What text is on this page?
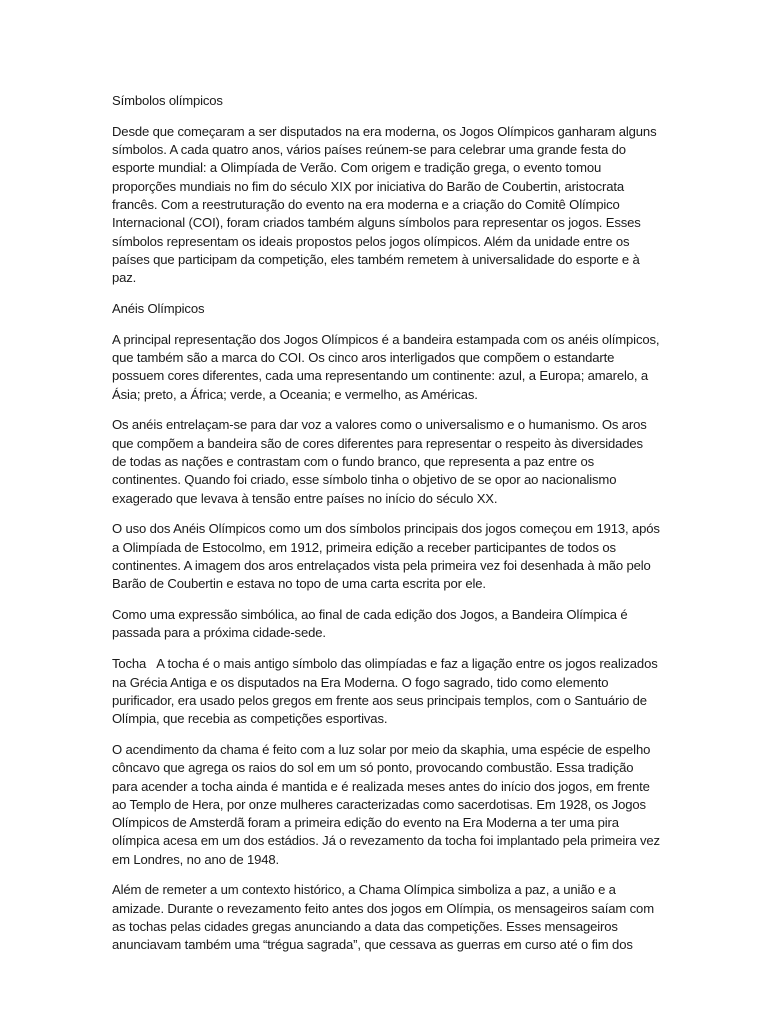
Símbolos olímpicos

Desde que começaram a ser disputados na era moderna, os Jogos Olímpicos ganharam alguns símbolos. A cada quatro anos, vários países reúnem-se para celebrar uma grande festa do esporte mundial: a Olimpíada de Verão. Com origem e tradição grega, o evento tomou proporções mundiais no fim do século XIX por iniciativa do Barão de Coubertin, aristocrata francês. Com a reestruturação do evento na era moderna e a criação do Comitê Olímpico Internacional (COI), foram criados também alguns símbolos para representar os jogos. Esses símbolos representam os ideais propostos pelos jogos olímpicos. Além da unidade entre os países que participam da competição, eles também remetem à universalidade do esporte e à paz.

Anéis Olímpicos

A principal representação dos Jogos Olímpicos é a bandeira estampada com os anéis olímpicos, que também são a marca do COI. Os cinco aros interligados que compõem o estandarte possuem cores diferentes, cada uma representando um continente: azul, a Europa; amarelo, a Ásia; preto, a África; verde, a Oceania; e vermelho, as Américas.

Os anéis entrelaçam-se para dar voz a valores como o universalismo e o humanismo. Os aros que compõem a bandeira são de cores diferentes para representar o respeito às diversidades de todas as nações e contrastam com o fundo branco, que representa a paz entre os continentes. Quando foi criado, esse símbolo tinha o objetivo de se opor ao nacionalismo exagerado que levava à tensão entre países no início do século XX.

O uso dos Anéis Olímpicos como um dos símbolos principais dos jogos começou em 1913, após a Olimpíada de Estocolmo, em 1912, primeira edição a receber participantes de todos os continentes. A imagem dos aros entrelaçados vista pela primeira vez foi desenhada à mão pelo Barão de Coubertin e estava no topo de uma carta escrita por ele.

Como uma expressão simbólica, ao final de cada edição dos Jogos, a Bandeira Olímpica é passada para a próxima cidade-sede.

Tocha A tocha é o mais antigo símbolo das olimpíadas e faz a ligação entre os jogos realizados na Grécia Antiga e os disputados na Era Moderna. O fogo sagrado, tido como elemento purificador, era usado pelos gregos em frente aos seus principais templos, com o Santuário de Olímpia, que recebia as competições esportivas.

O acendimento da chama é feito com a luz solar por meio da skaphia, uma espécie de espelho côncavo que agrega os raios do sol em um só ponto, provocando combustão. Essa tradição para acender a tocha ainda é mantida e é realizada meses antes do início dos jogos, em frente ao Templo de Hera, por onze mulheres caracterizadas como sacerdotisas. Em 1928, os Jogos Olímpicos de Amsterdã foram a primeira edição do evento na Era Moderna a ter uma pira olímpica acesa em um dos estádios. Já o revezamento da tocha foi implantado pela primeira vez em Londres, no ano de 1948.

Além de remeter a um contexto histórico, a Chama Olímpica simboliza a paz, a união e a amizade. Durante o revezamento feito antes dos jogos em Olímpia, os mensageiros saíam com as tochas pelas cidades gregas anunciando a data das competições. Esses mensageiros anunciavam também uma “trégua sagrada”, que cessava as guerras em curso até o fim dos
